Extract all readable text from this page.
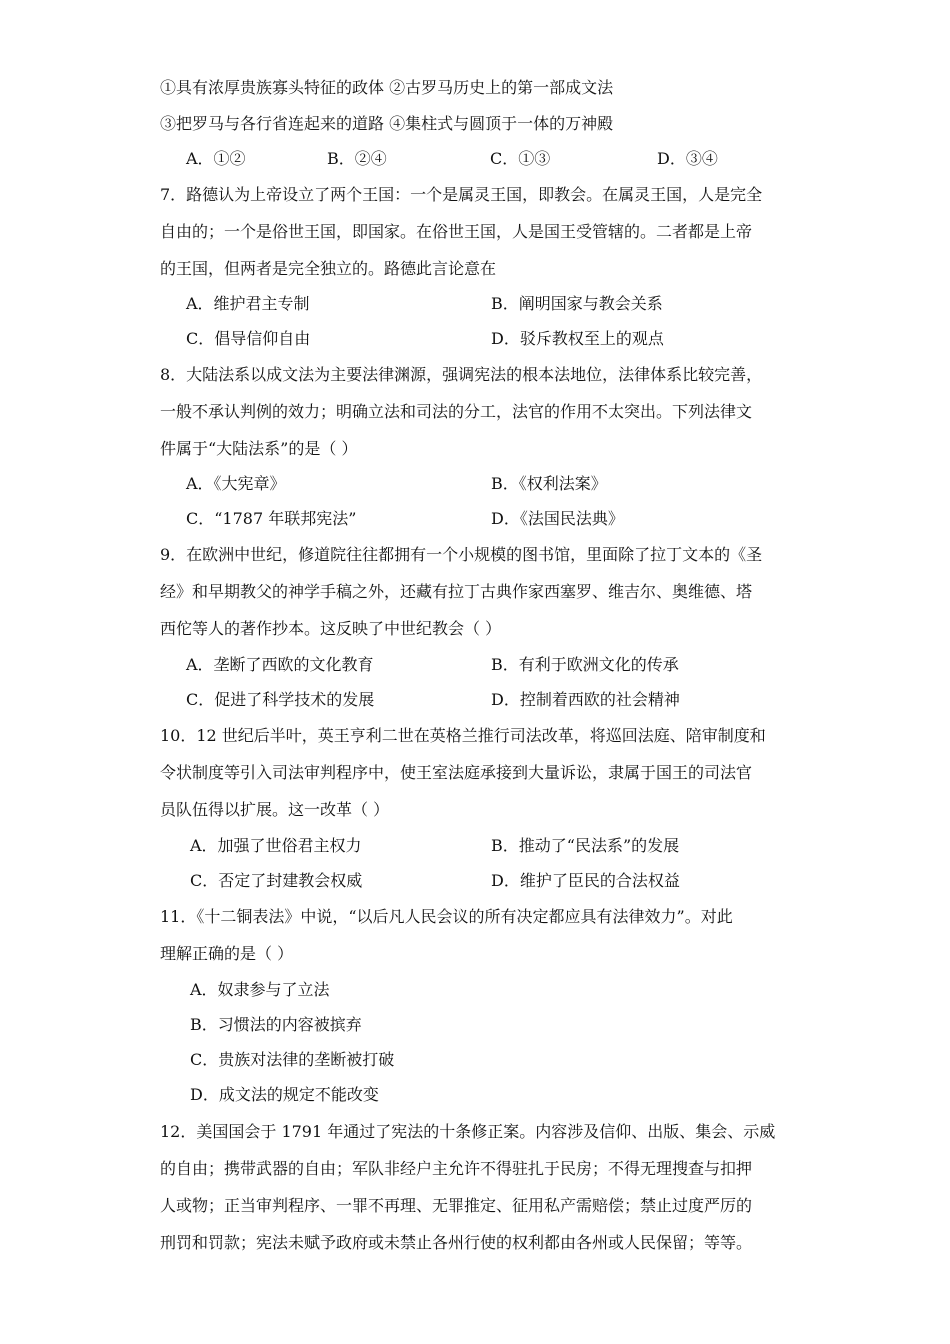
①具有浓厚贵族寡头特征的政体 ②古罗马历史上的第一部成文法
③把罗马与各行省连起来的道路 ④集柱式与圆顶于一体的万神殿
A．①②	B．②④	C．①③	D．③④
7．路德认为上帝设立了两个王国：一个是属灵王国，即教会。在属灵王国，人是完全
自由的；一个是俗世王国，即国家。在俗世王国，人是国王受管辖的。二者都是上帝
的王国，但两者是完全独立的。路德此言论意在
A．维护君主专制	B．阐明国家与教会关系
C．倡导信仰自由	D．驳斥教权至上的观点
8．大陆法系以成文法为主要法律渊源，强调宪法的根本法地位，法律体系比较完善，
一般不承认判例的效力；明确立法和司法的分工，法官的作用不太突出。下列法律文
件属于“大陆法系”的是（ ）
A．《大宪章》	B．《权利法案》
C．“1787 年联邦宪法”	D．《法国民法典》
9．在欧洲中世纪，修道院往往都拥有一个小规模的图书馆，里面除了拉丁文本的《圣
经》和早期教父的神学手稿之外，还藏有拉丁古典作家西塞罗、维吉尔、奥维德、塔
西佗等人的著作抄本。这反映了中世纪教会（ ）
A．垄断了西欧的文化教育	B．有利于欧洲文化的传承
C．促进了科学技术的发展	D．控制着西欧的社会精神
10．12 世纪后半叶，英王亨利二世在英格兰推行司法改革，将巡回法庭、陪审制度和
令状制度等引入司法审判程序中，使王室法庭承接到大量诉讼，隶属于国王的司法官
员队伍得以扩展。这一改革（ ）
A．加强了世俗君主权力	B．推动了“民法系”的发展
C．否定了封建教会权威	D．维护了臣民的合法权益
11．《十二铜表法》中说，“以后凡人民会议的所有决定都应具有法律效力”。对此
理解正确的是（ ）
A．奴隶参与了立法
B．习惯法的内容被摈弃
C．贵族对法律的垄断被打破
D．成文法的规定不能改变
12．美国国会于 1791 年通过了宪法的十条修正案。内容涉及信仰、出版、集会、示威
的自由；携带武器的自由；军队非经户主允许不得驻扎于民房；不得无理搜查与扣押
人或物；正当审判程序、一罪不再理、无罪推定、征用私产需赔偿；禁止过度严厉的
刑罚和罚款；宪法未赋予政府或未禁止各州行使的权利都由各州或人民保留；等等。
